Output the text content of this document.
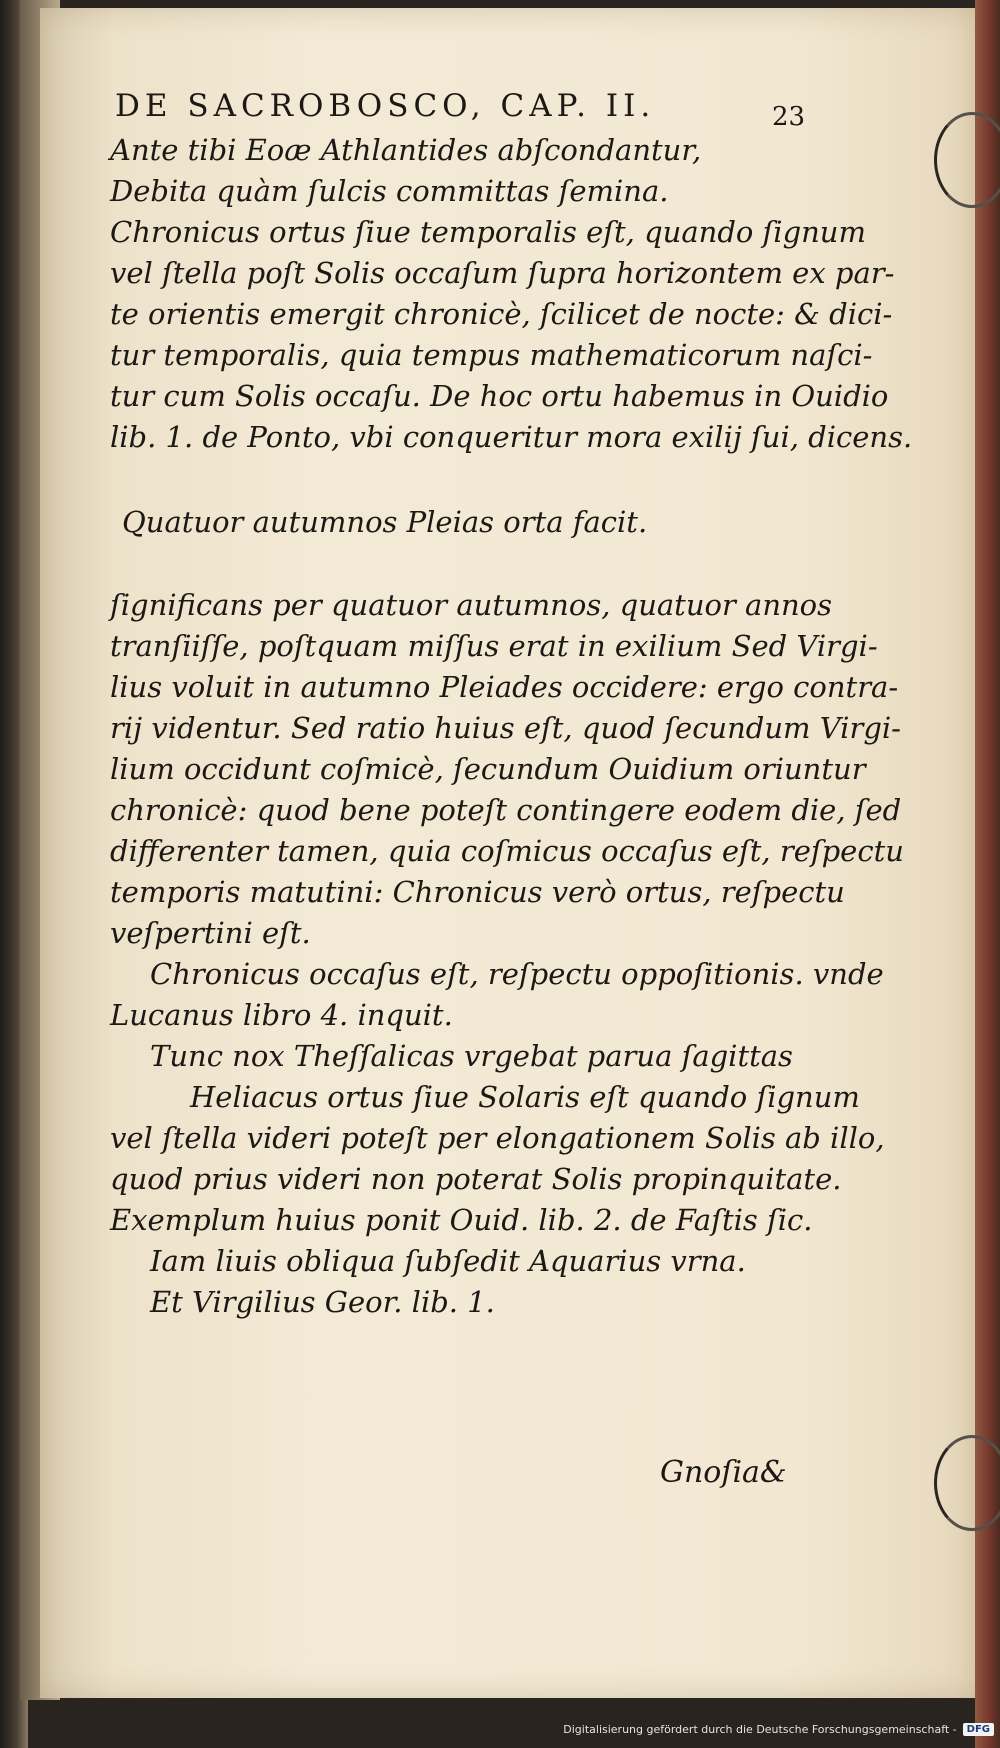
DE SACROBOSCO, CAP. II.	23
Ante tibi Eoæ Athlantides abſcondantur,
Debita quàm ſulcis committas ſemina.
Chronicus ortus ſiue temporalis eſt, quando ſignum
vel ſtella poſt Solis occaſum ſupra horizontem ex par-
te orientis emergit chronicè, ſcilicet de nocte: & dici-
tur temporalis, quia tempus mathematicorum naſci-
tur cum Solis occaſu. De hoc ortu habemus in Ouidio
lib. 1. de Ponto, vbi conqueritur mora exilij ſui, dicens.
Quatuor autumnos Pleias orta facit.
ſignificans per quatuor autumnos, quatuor annos
tranſiiſſe, poſtquam miſſus erat in exilium Sed Virgi-
lius voluit in autumno Pleiades occidere: ergo contra-
rij videntur. Sed ratio huius eſt, quod ſecundum Virgi-
lium occidunt coſmicè, ſecundum Ouidium oriuntur
chronicè: quod bene poteſt contingere eodem die, ſed
differenter tamen, quia coſmicus occaſus eſt, reſpectu
temporis matutini: Chronicus verò ortus, reſpectu
veſpertini eſt.
Chronicus occaſus eſt, reſpectu oppoſitionis. vnde
Lucanus libro 4. inquit.
Tunc nox Theſſalicas vrgebat parua ſagittas
Heliacus ortus ſiue Solaris eſt quando ſignum
vel ſtella videri poteſt per elongationem Solis ab illo,
quod prius videri non poterat Solis propinquitate.
Exemplum huius ponit Ouid. lib. 2. de Faſtis ſic.
Iam liuis obliqua ſubſedit Aquarius vrna.
Et Virgilius Geor. lib. 1.
Gnoſia&
Digitalisierung gefördert durch die Deutsche Forschungsgemeinschaft -	DFG
